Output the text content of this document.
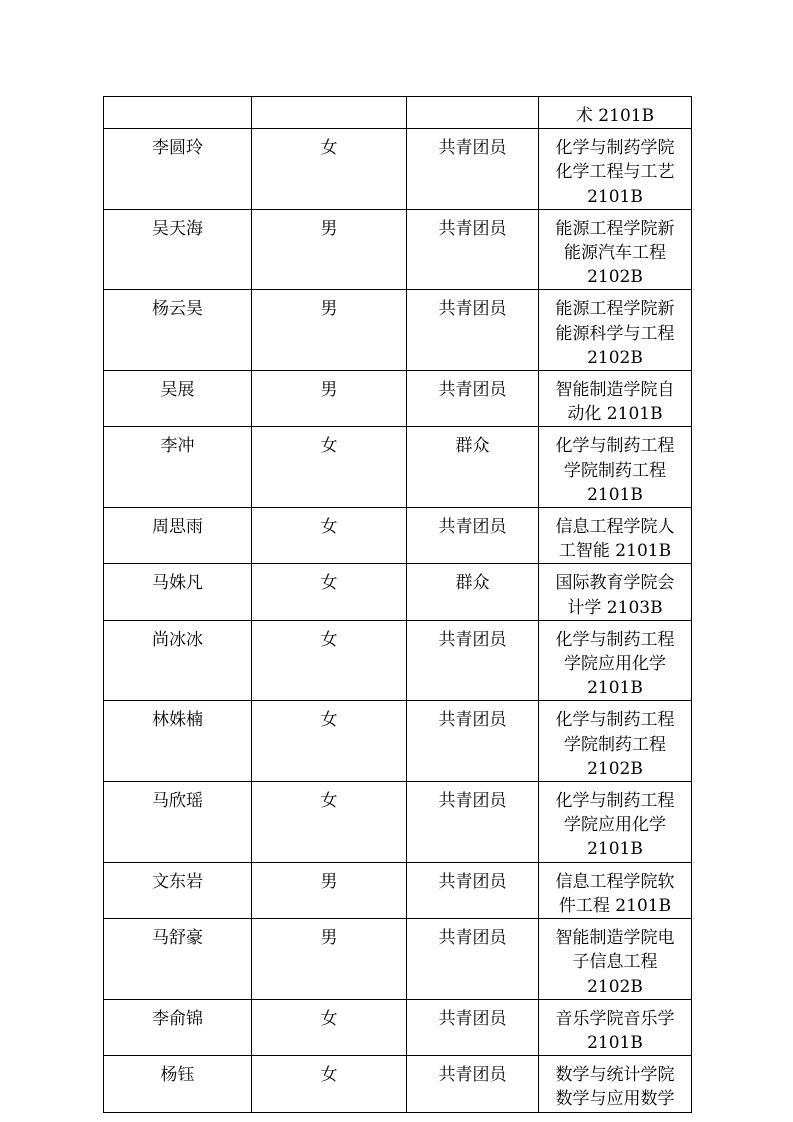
			术 2101B

李圆玲	女	共青团员	化学与制药学院
化学工程与工艺
2101B

吴天海	男	共青团员	能源工程学院新
能源汽车工程
2102B

杨云昊	男	共青团员	能源工程学院新
能源科学与工程
2102B

吴展	男	共青团员	智能制造学院自
动化 2101B

李冲	女	群众	化学与制药工程
学院制药工程
2101B

周思雨	女	共青团员	信息工程学院人
工智能 2101B

马姝凡	女	群众	国际教育学院会
计学 2103B

尚冰冰	女	共青团员	化学与制药工程
学院应用化学
2101B

林姝楠	女	共青团员	化学与制药工程
学院制药工程
2102B

马欣瑶	女	共青团员	化学与制药工程
学院应用化学
2101B

文东岩	男	共青团员	信息工程学院软
件工程 2101B

马舒豪	男	共青团员	智能制造学院电
子信息工程
2102B

李俞锦	女	共青团员	音乐学院音乐学
2101B

杨钰	女	共青团员	数学与统计学院
数学与应用数学
